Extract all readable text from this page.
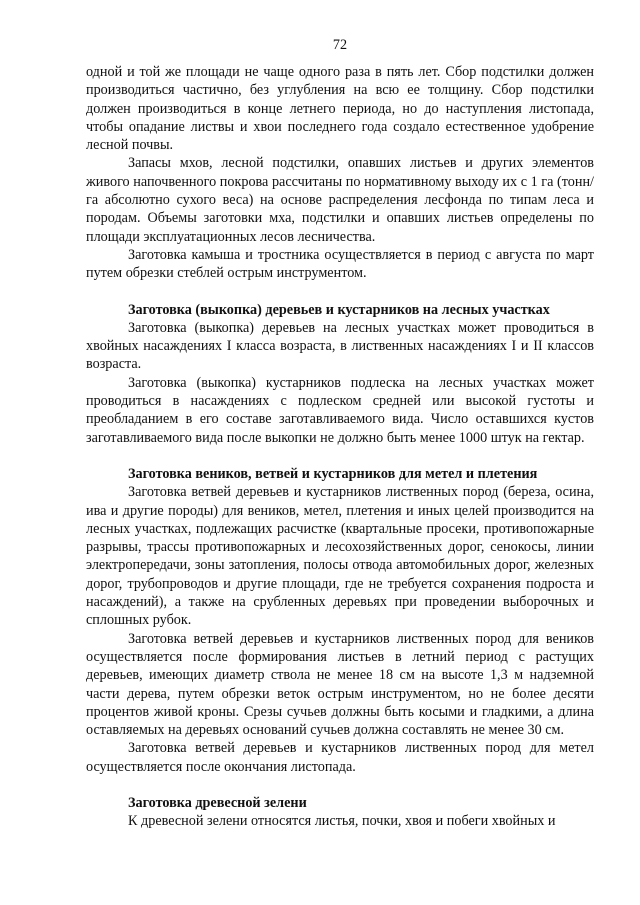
72

одной и той же площади не чаще одного раза в пять лет. Сбор подстилки должен производиться частично, без углубления на всю ее толщину. Сбор подстилки должен производиться в конце летнего периода, но до наступления листопада, чтобы опадание листвы и хвои последнего года создало естественное удобрение лесной почвы.

Запасы мхов, лесной подстилки, опавших листьев и других элементов живого напочвенного покрова рассчитаны по нормативному выходу их с 1 га (тонн/га абсолютно сухого веса) на основе распределения лесфонда по типам леса и породам. Объемы заготовки мха, подстилки и опавших листьев определены по площади эксплуатационных лесов лесничества.

Заготовка камыша и тростника осуществляется в период с августа по март путем обрезки стеблей острым инструментом.

Заготовка (выкопка) деревьев и кустарников на лесных участках

Заготовка (выкопка) деревьев на лесных участках может проводиться в хвойных насаждениях I класса возраста, в лиственных насаждениях I и II классов возраста.

Заготовка (выкопка) кустарников подлеска на лесных участках может проводиться в насаждениях с подлеском средней или высокой густоты и преобладанием в его составе заготавливаемого вида. Число оставшихся кустов заготавливаемого вида после выкопки не должно быть менее 1000 штук на гектар.

Заготовка веников, ветвей и кустарников для метел и плетения

Заготовка ветвей деревьев и кустарников лиственных пород (береза, осина, ива и другие породы) для веников, метел, плетения и иных целей производится на лесных участках, подлежащих расчистке (квартальные просеки, противопожарные разрывы, трассы противопожарных и лесохозяйственных дорог, сенокосы, линии электропередачи, зоны затопления, полосы отвода автомобильных дорог, железных дорог, трубопроводов и другие площади, где не требуется сохранения подроста и насаждений), а также на срубленных деревьях при проведении выборочных и сплошных рубок.

Заготовка ветвей деревьев и кустарников лиственных пород для веников осуществляется после формирования листьев в летний период с растущих деревьев, имеющих диаметр ствола не менее 18 см на высоте 1,3 м надземной части дерева, путем обрезки веток острым инструментом, но не более десяти процентов живой кроны. Срезы сучьев должны быть косыми и гладкими, а длина оставляемых на деревьях оснований сучьев должна составлять не менее 30 см.

Заготовка ветвей деревьев и кустарников лиственных пород для метел осуществляется после окончания листопада.

Заготовка древесной зелени

К древесной зелени относятся листья, почки, хвоя и побеги хвойных и
